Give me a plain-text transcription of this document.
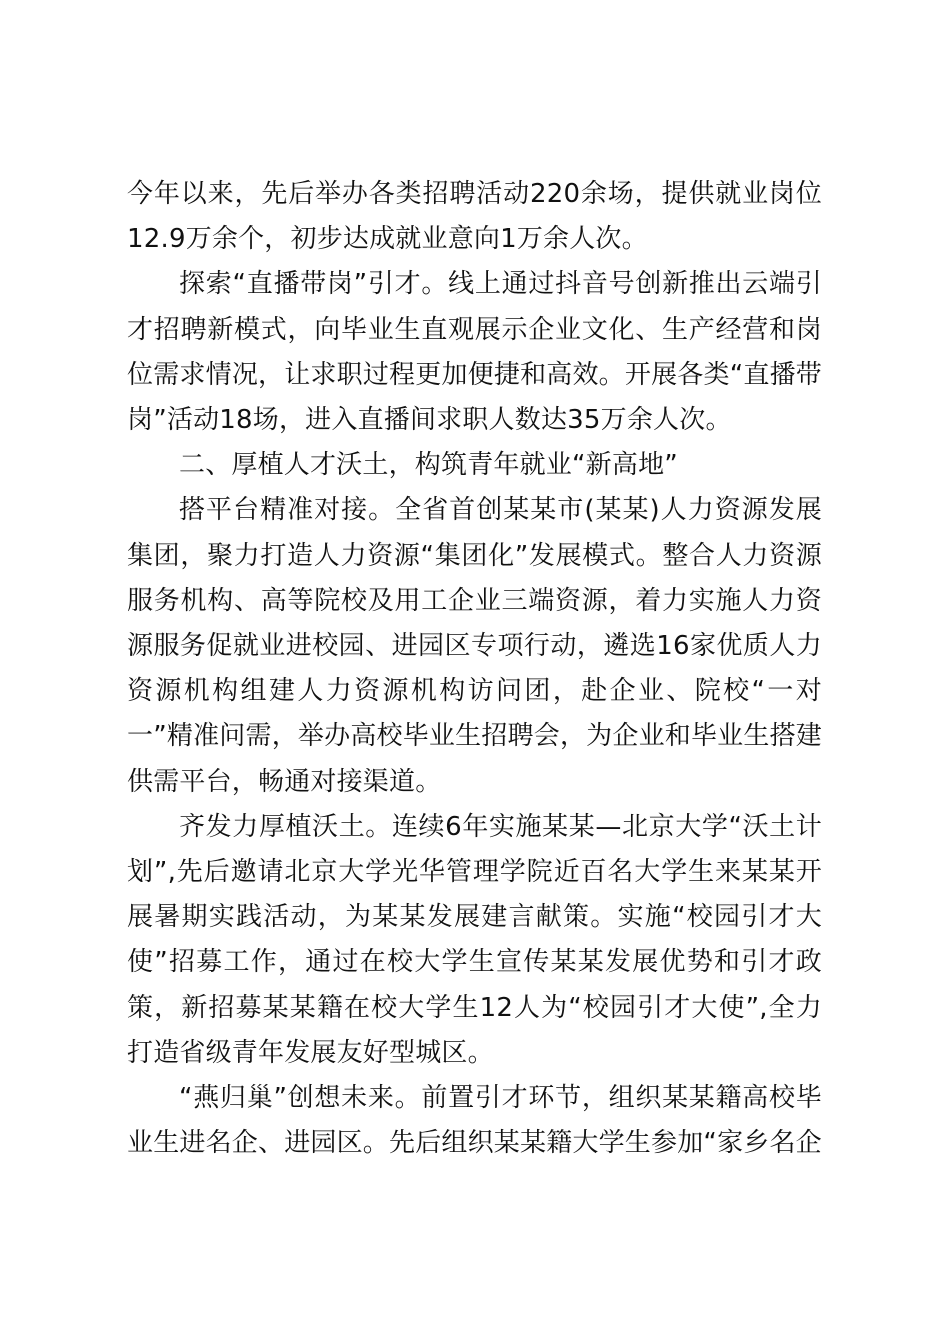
今年以来，先后举办各类招聘活动220余场，提供就业岗位12.9万余个，初步达成就业意向1万余人次。

探索“直播带岗”引才。线上通过抖音号创新推出云端引才招聘新模式，向毕业生直观展示企业文化、生产经营和岗位需求情况，让求职过程更加便捷和高效。开展各类“直播带岗”活动18场，进入直播间求职人数达35万余人次。

二、厚植人才沃土，构筑青年就业“新高地”

搭平台精准对接。全省首创某某市(某某)人力资源发展集团，聚力打造人力资源“集团化”发展模式。整合人力资源服务机构、高等院校及用工企业三端资源，着力实施人力资源服务促就业进校园、进园区专项行动，遴选16家优质人力资源机构组建人力资源机构访问团，赴企业、院校“一对一”精准问需，举办高校毕业生招聘会，为企业和毕业生搭建供需平台，畅通对接渠道。

齐发力厚植沃土。连续6年实施某某—北京大学“沃土计划”,先后邀请北京大学光华管理学院近百名大学生来某某开展暑期实践活动，为某某发展建言献策。实施“校园引才大使”招募工作，通过在校大学生宣传某某发展优势和引才政策，新招募某某籍在校大学生12人为“校园引才大使”,全力打造省级青年发展友好型城区。

“燕归巢”创想未来。前置引才环节，组织某某籍高校毕业生进名企、进园区。先后组织某某籍大学生参加“家乡名企
